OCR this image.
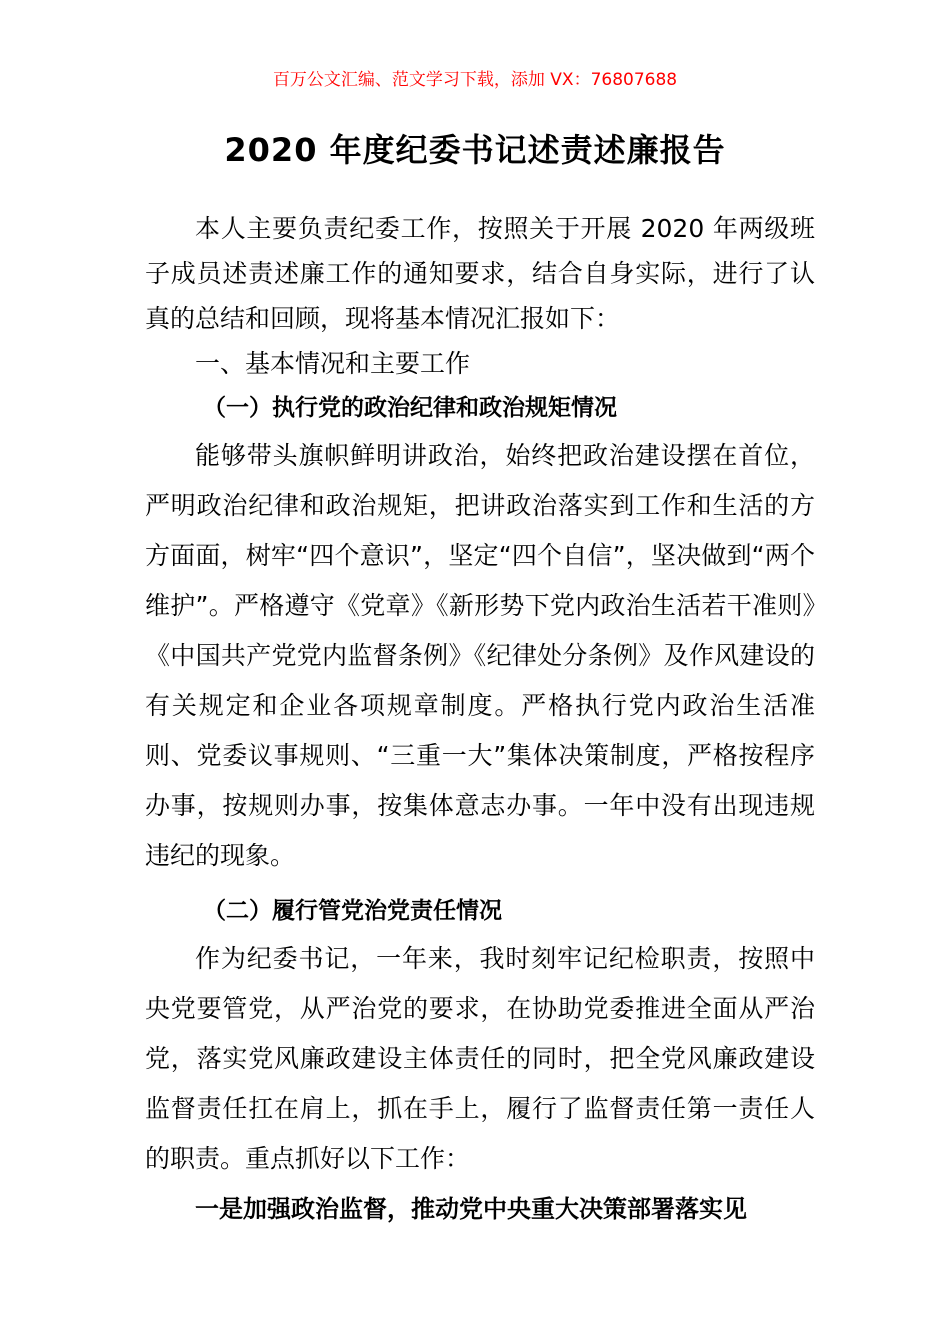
百万公文汇编、范文学习下载，添加 VX：76807688
2020 年度纪委书记述责述廉报告

本人主要负责纪委工作，按照关于开展 2020 年两级班子成员述责述廉工作的通知要求，结合自身实际，进行了认真的总结和回顾，现将基本情况汇报如下：

一、基本情况和主要工作

（一）执行党的政治纪律和政治规矩情况

能够带头旗帜鲜明讲政治，始终把政治建设摆在首位，严明政治纪律和政治规矩，把讲政治落实到工作和生活的方方面面，树牢“四个意识”，坚定“四个自信”，坚决做到“两个维护”。严格遵守《党章》《新形势下党内政治生活若干准则》《中国共产党党内监督条例》《纪律处分条例》及作风建设的有关规定和企业各项规章制度。严格执行党内政治生活准则、党委议事规则、“三重一大”集体决策制度，严格按程序办事，按规则办事，按集体意志办事。一年中没有出现违规违纪的现象。

（二）履行管党治党责任情况

作为纪委书记，一年来，我时刻牢记纪检职责，按照中央党要管党，从严治党的要求，在协助党委推进全面从严治党，落实党风廉政建设主体责任的同时，把全党风廉政建设监督责任扛在肩上，抓在手上，履行了监督责任第一责任人的职责。重点抓好以下工作：

一是加强政治监督，推动党中央重大决策部署落实见
